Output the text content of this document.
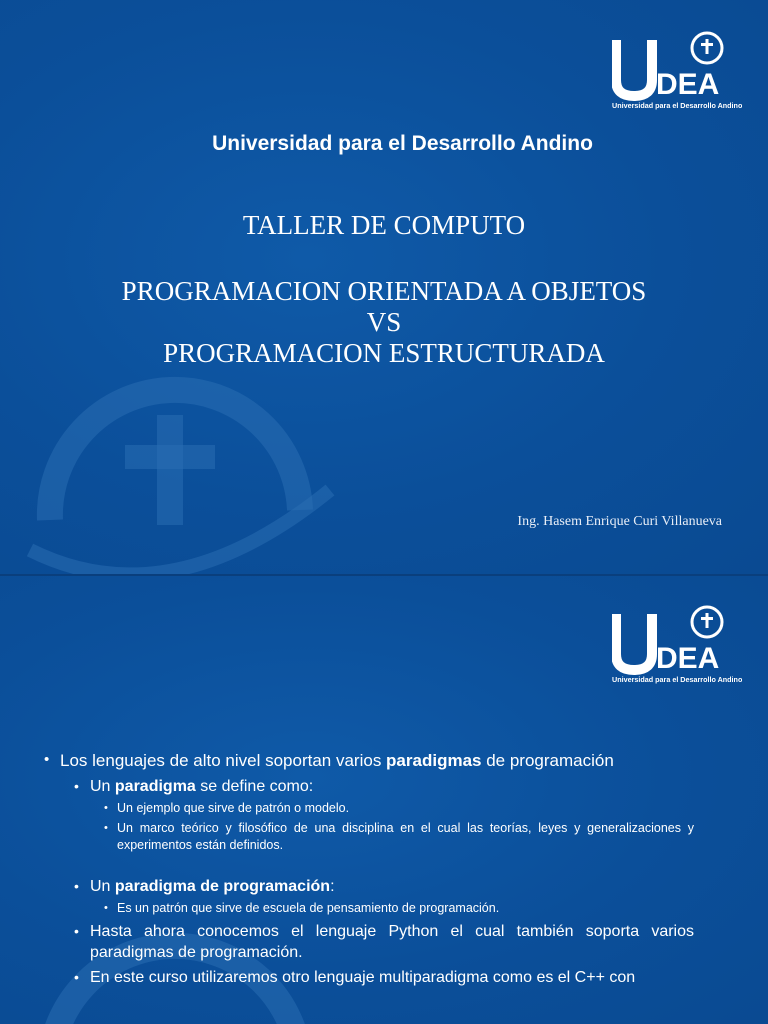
DEA
Universidad para el Desarrollo Andino
Universidad para el Desarrollo Andino
TALLER DE COMPUTO
PROGRAMACION ORIENTADA A OBJETOS
VS
PROGRAMACION ESTRUCTURADA
Ing. Hasem Enrique Curi Villanueva
DEA
Universidad para el Desarrollo Andino
• Los lenguajes de alto nivel soportan varios paradigmas de programación
• Un paradigma se define como:
• Un ejemplo que sirve de patrón o modelo.
• Un marco teórico y filosófico de una disciplina en el cual las teorías, leyes y generalizaciones y experimentos están definidos.
• Un paradigma de programación:
• Es un patrón que sirve de escuela de pensamiento de programación.
• Hasta ahora conocemos el lenguaje Python el cual también soporta varios paradigmas de programación.
• En este curso utilizaremos otro lenguaje multiparadigma como es el C++ con
